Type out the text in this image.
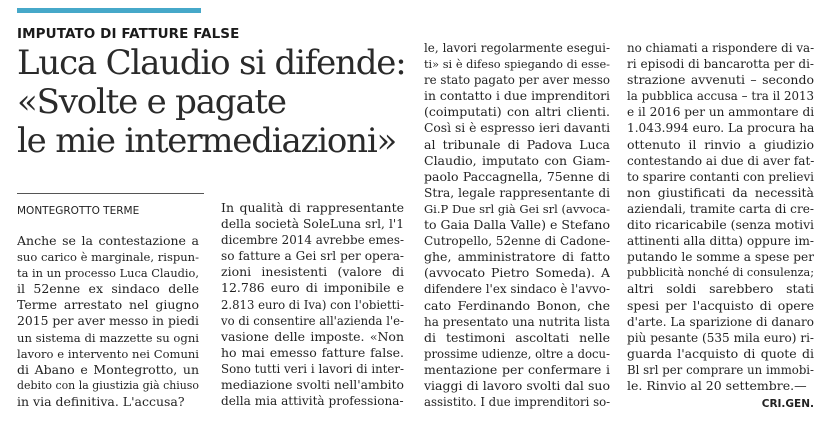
IMPUTATO DI FATTURE FALSE
Luca Claudio si difende:
«Svolte e pagate
le mie intermediazioni»
MONTEGROTTO TERME
Anche se la contestazione a
suo carico è marginale, rispun-
ta in un processo Luca Claudio,
il 52enne ex sindaco delle
Terme arrestato nel giugno
2015 per aver messo in piedi
un sistema di mazzette su ogni
lavoro e intervento nei Comuni
di Abano e Montegrotto, un
debito con la giustizia già chiuso
in via definitiva. L'accusa?
In qualità di rappresentante
della società SoleLuna srl, l'1
dicembre 2014 avrebbe emes-
so fatture a Gei srl per opera-
zioni inesistenti (valore di
12.786 euro di imponibile e
2.813 euro di Iva) con l'obietti-
vo di consentire all'azienda l'e-
vasione delle imposte. «Non
ho mai emesso fatture false.
Sono tutti veri i lavori di inter-
mediazione svolti nell'ambito
della mia attività professiona-
le, lavori regolarmente esegui-
ti» si è difeso spiegando di esse-
re stato pagato per aver messo
in contatto i due imprenditori
(coimputati) con altri clienti.
Così si è espresso ieri davanti
al tribunale di Padova Luca
Claudio, imputato con Giam-
paolo Paccagnella, 75enne di
Stra, legale rappresentante di
Gi.P Due srl già Gei srl (avvoca-
to Gaia Dalla Valle) e Stefano
Cutropello, 52enne di Cadone-
ghe, amministratore di fatto
(avvocato Pietro Someda). A
difendere l'ex sindaco è l'avvo-
cato Ferdinando Bonon, che
ha presentato una nutrita lista
di testimoni ascoltati nelle
prossime udienze, oltre a docu-
mentazione per confermare i
viaggi di lavoro svolti dal suo
assistito. I due imprenditori so-
no chiamati a rispondere di va-
ri episodi di bancarotta per di-
strazione avvenuti – secondo
la pubblica accusa – tra il 2013
e il 2016 per un ammontare di
1.043.994 euro. La procura ha
ottenuto il rinvio a giudizio
contestando ai due di aver fat-
to sparire contanti con prelievi
non giustificati da necessità
aziendali, tramite carta di cre-
dito ricaricabile (senza motivi
attinenti alla ditta) oppure im-
putando le somme a spese per
pubblicità nonché di consulenza;
altri soldi sarebbero stati
spesi per l'acquisto di opere
d'arte. La sparizione di danaro
più pesante (535 mila euro) ri-
guarda l'acquisto di quote di
Bl srl per comprare un immobi-
le. Rinvio al 20 settembre.—
CRI.GEN.
